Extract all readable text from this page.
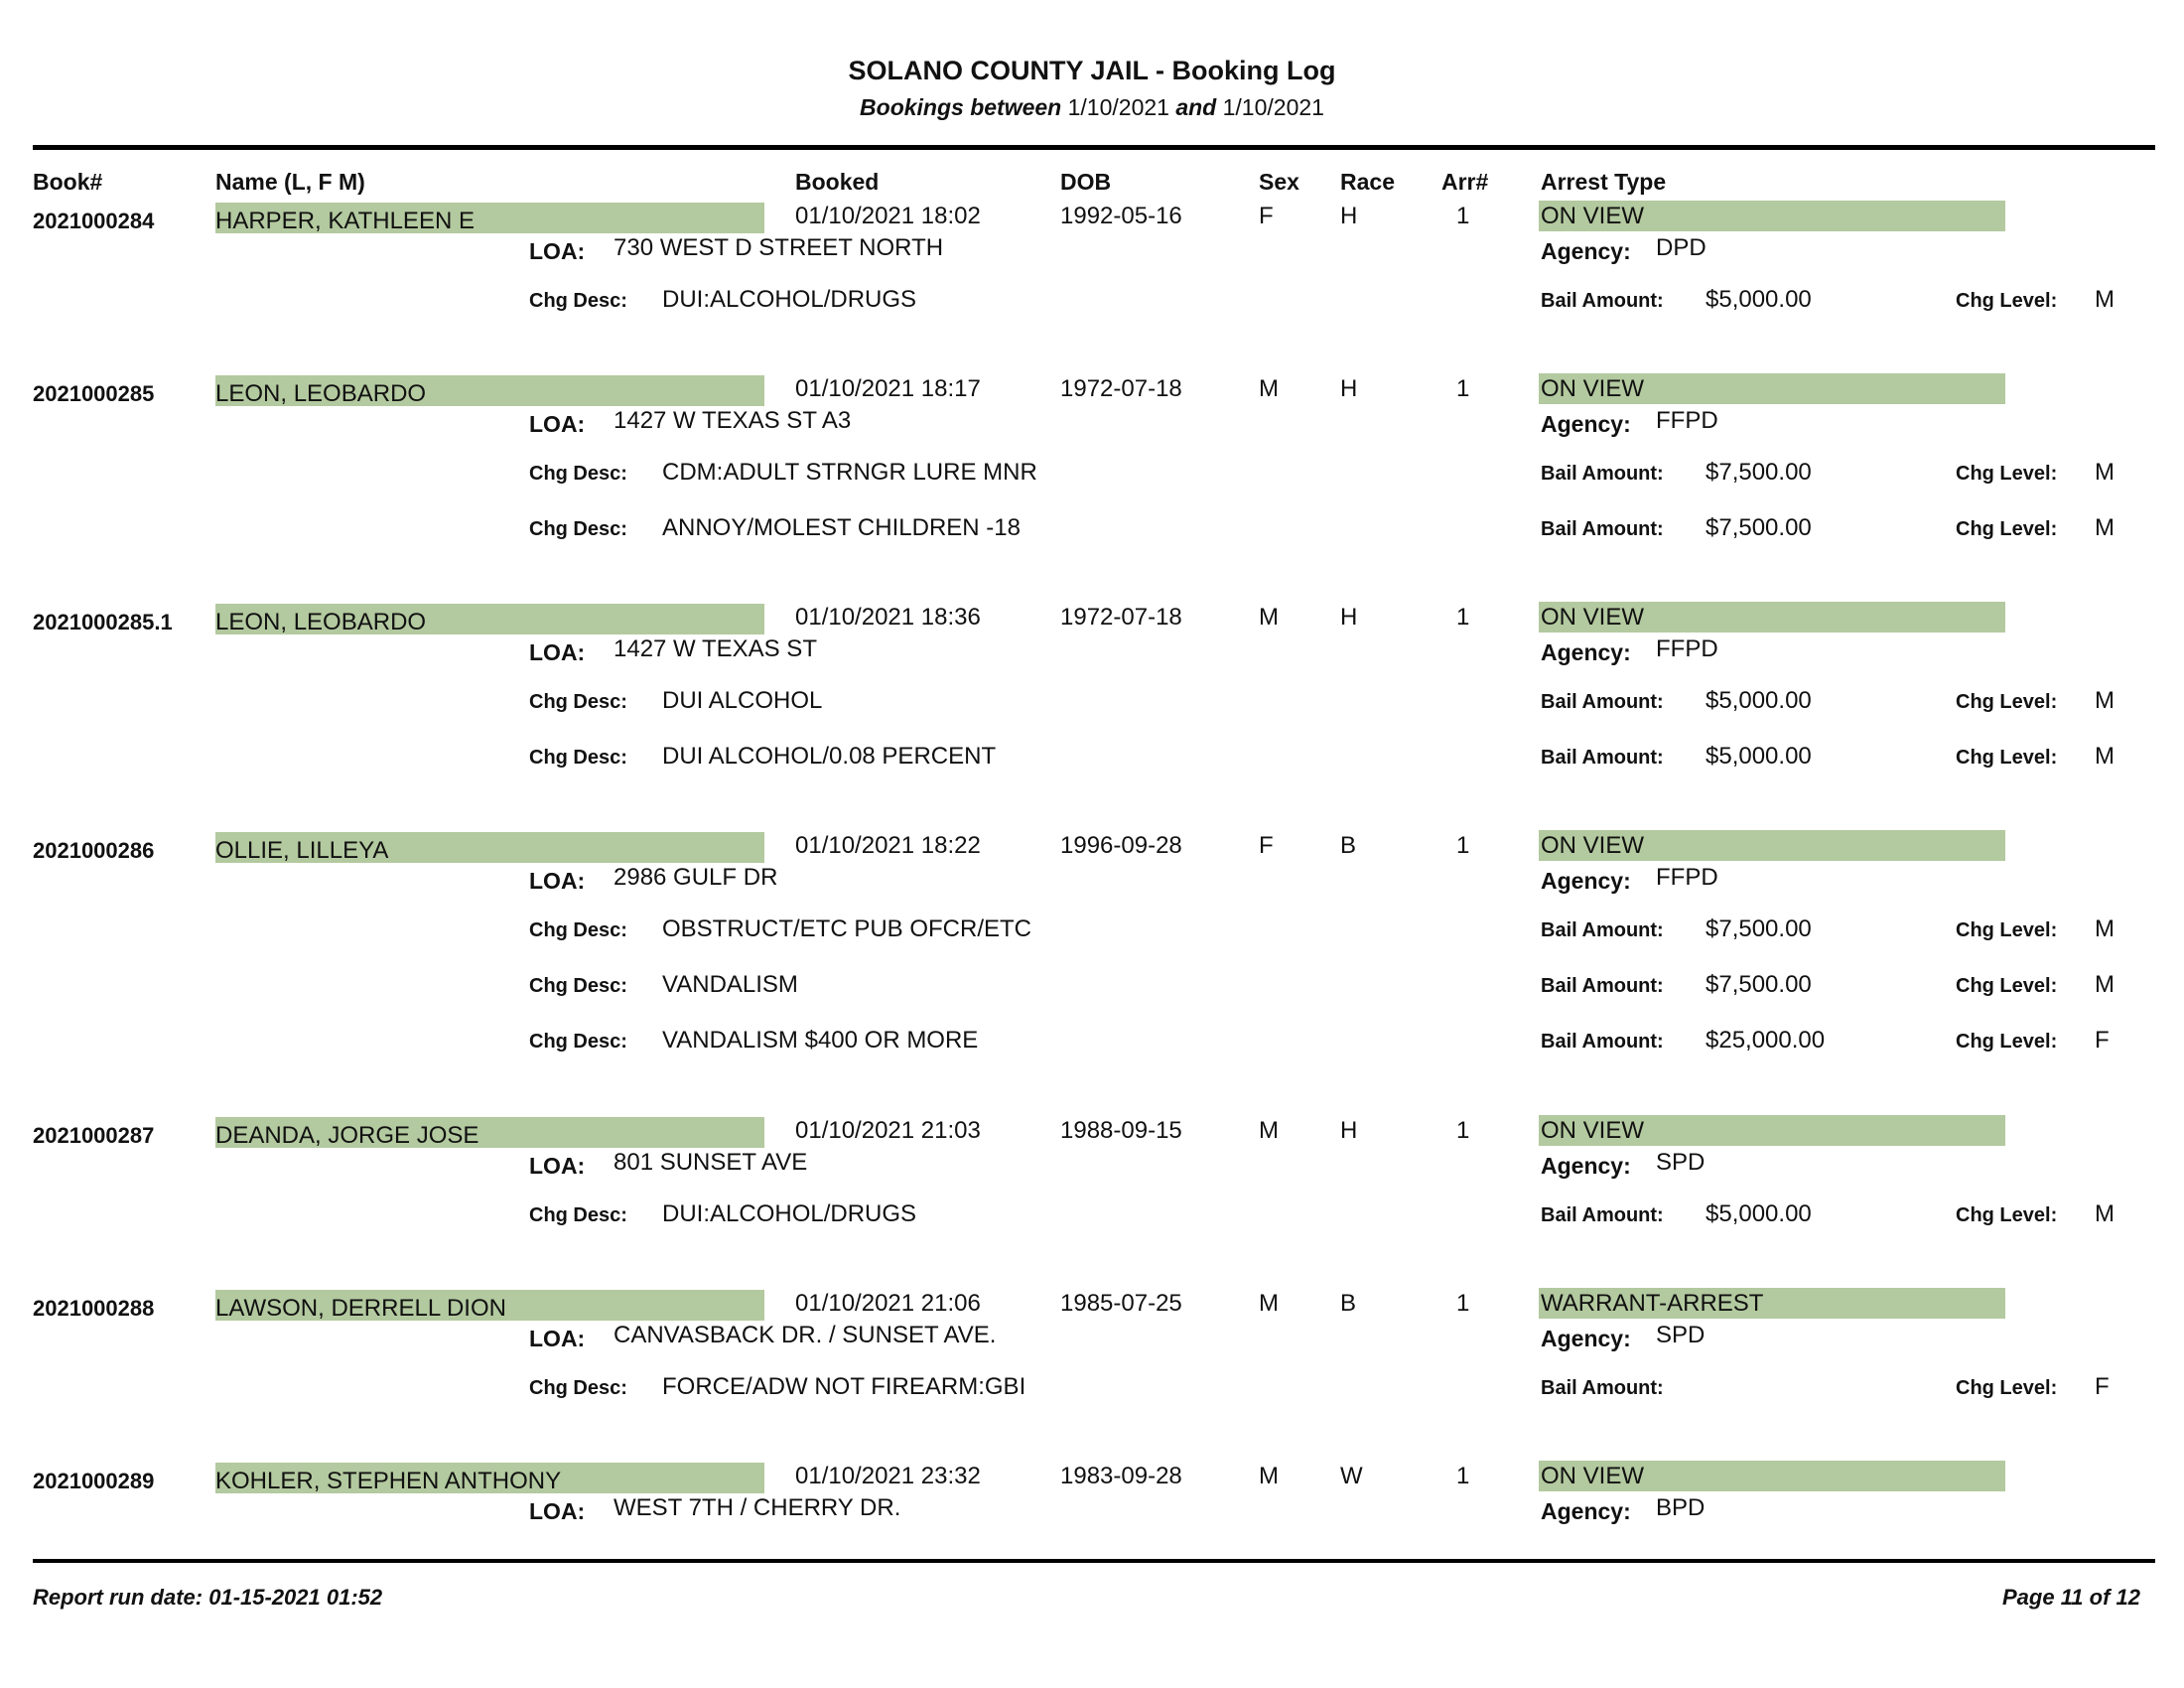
SOLANO COUNTY JAIL - Booking Log
Bookings between 1/10/2021 and 1/10/2021
Book#	Name (L, F M)	Booked	DOB	Sex Race Arr# Arrest Type
2021000284	HARPER, KATHLEEN E	01/10/2021 18:02	1992-05-16	F	H	1	ON VIEW
LOA: 730 WEST D STREET NORTH	Agency: DPD
Chg Desc: DUI:ALCOHOL/DRUGS	Bail Amount: $5,000.00	Chg Level: M
2021000285	LEON, LEOBARDO	01/10/2021 18:17	1972-07-18	M	H	1	ON VIEW
LOA: 1427 W TEXAS ST A3	Agency: FFPD
Chg Desc: CDM:ADULT STRNGR LURE MNR	Bail Amount: $7,500.00	Chg Level: M
Chg Desc: ANNOY/MOLEST CHILDREN -18	Bail Amount: $7,500.00	Chg Level: M
2021000285.1 LEON, LEOBARDO	01/10/2021 18:36	1972-07-18	M	H	1	ON VIEW
LOA: 1427 W TEXAS ST	Agency: FFPD
Chg Desc: DUI ALCOHOL	Bail Amount: $5,000.00	Chg Level: M
Chg Desc: DUI ALCOHOL/0.08 PERCENT	Bail Amount: $5,000.00	Chg Level: M
2021000286	OLLIE, LILLEYA	01/10/2021 18:22	1996-09-28	F	B	1	ON VIEW
LOA: 2986 GULF DR	Agency: FFPD
Chg Desc: OBSTRUCT/ETC PUB OFCR/ETC	Bail Amount: $7,500.00	Chg Level: M
Chg Desc: VANDALISM	Bail Amount: $7,500.00	Chg Level: M
Chg Desc: VANDALISM $400 OR MORE	Bail Amount: $25,000.00	Chg Level: F
2021000287	DEANDA, JORGE JOSE	01/10/2021 21:03	1988-09-15	M	H	1	ON VIEW
LOA: 801 SUNSET AVE	Agency: SPD
Chg Desc: DUI:ALCOHOL/DRUGS	Bail Amount: $5,000.00	Chg Level: M
2021000288	LAWSON, DERRELL DION	01/10/2021 21:06	1985-07-25	M	B	1	WARRANT-ARREST
LOA: CANVASBACK DR. / SUNSET AVE.	Agency: SPD
Chg Desc: FORCE/ADW NOT FIREARM:GBI	Bail Amount:	Chg Level: F
2021000289	KOHLER, STEPHEN ANTHONY	01/10/2021 23:32	1983-09-28	M	W	1	ON VIEW
LOA: WEST 7TH / CHERRY DR.	Agency: BPD
Report run date: 01-15-2021 01:52	Page 11 of 12
